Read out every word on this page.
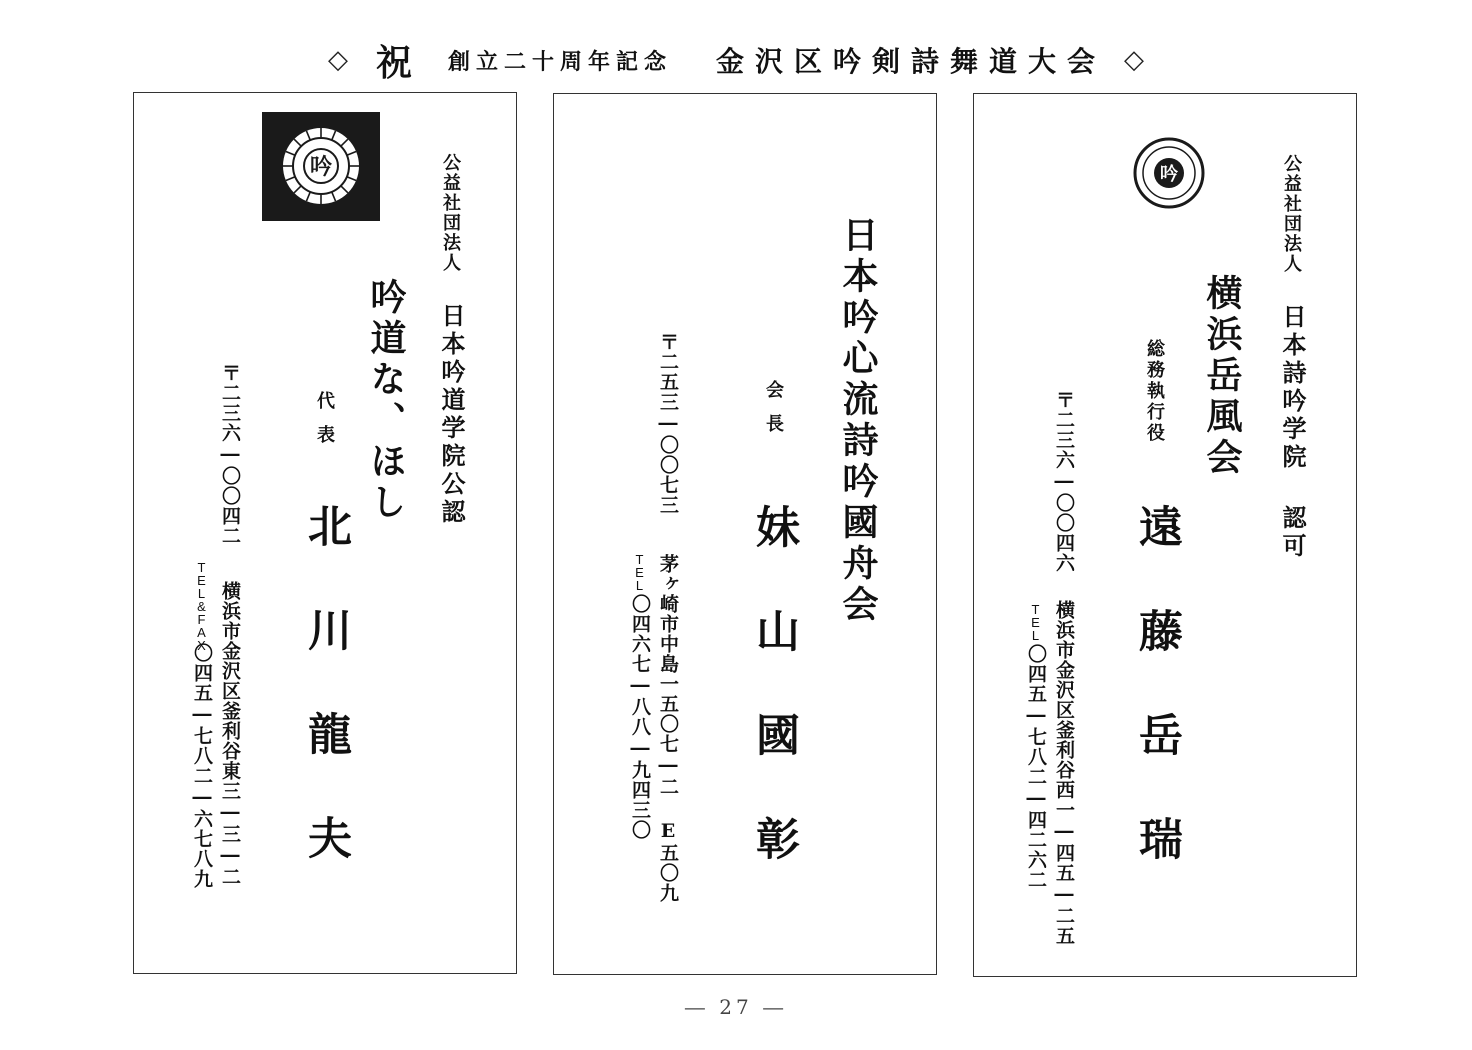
◇ 祝 創立二十周年記念 金沢区吟剣詩舞道大会 ◇
吟	公益社団法人
日本吟道学院公認
吟道な、ほし
代表
北川龍夫
〒二三六―〇〇四二
横浜市金沢区釜利谷東三―三―二
TEL&FAX
〇四五―七八二―六七八九
日本吟心流詩吟國舟会
会長
妹山國彰
〒二五三―〇〇七三
茅ヶ崎市中島一五〇七―二 E五〇九
TEL
〇四六七―八八―九四三〇
吟	公益社団法人
日本詩吟学院 認可
横浜岳風会
総務執行役
遠藤岳瑞
〒二三六―〇〇四六
横浜市金沢区釜利谷西一―四五―二五
TEL
〇四五―七八二―四二六二
― 27 ―
